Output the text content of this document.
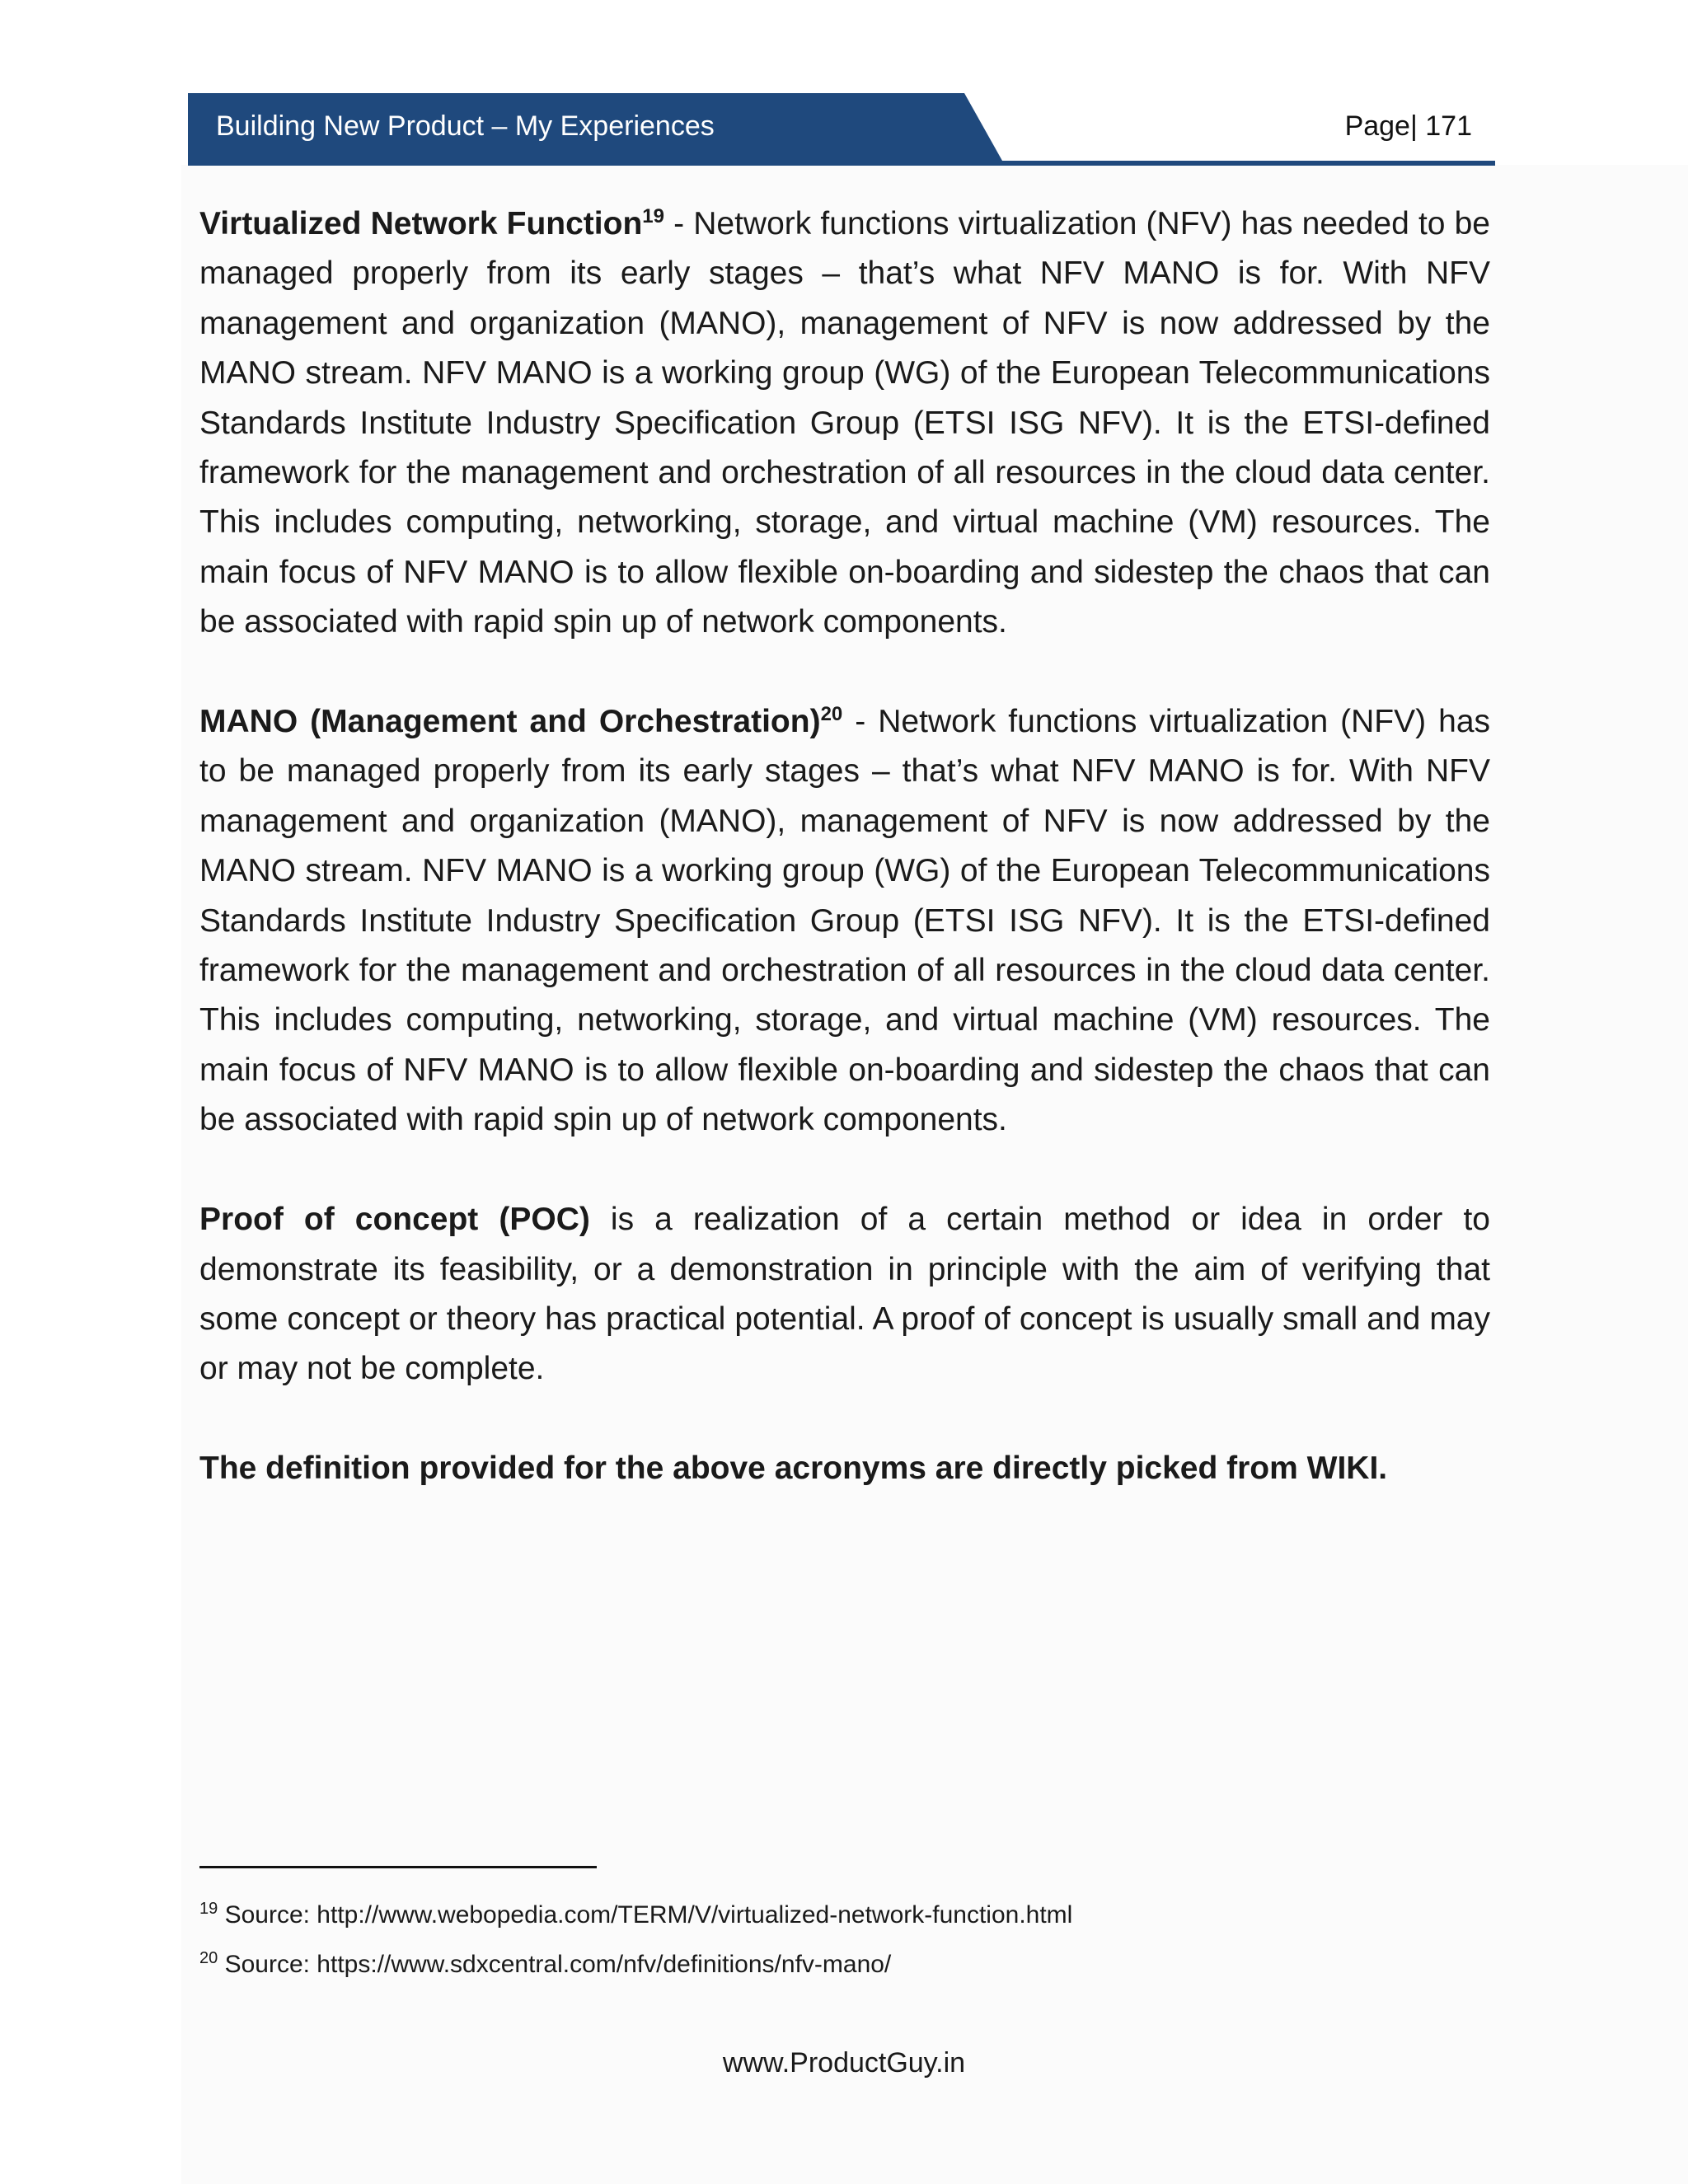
Building New Product – My Experiences	Page| 171

Virtualized Network Function$^{19}$ - Network functions virtualization (NFV) has needed to be managed properly from its early stages – that’s what NFV MANO is for. With NFV management and organization (MANO), management of NFV is now addressed by the MANO stream. NFV MANO is a working group (WG) of the European Telecommunications Standards Institute Industry Specification Group (ETSI ISG NFV). It is the ETSI-defined framework for the management and orchestration of all resources in the cloud data center. This includes computing, networking, storage, and virtual machine (VM) resources. The main focus of NFV MANO is to allow flexible on-boarding and sidestep the chaos that can be associated with rapid spin up of network components.

MANO (Management and Orchestration)$^{20}$ - Network functions virtualization (NFV) has to be managed properly from its early stages – that’s what NFV MANO is for. With NFV management and organization (MANO), management of NFV is now addressed by the MANO stream. NFV MANO is a working group (WG) of the European Telecommunications Standards Institute Industry Specification Group (ETSI ISG NFV). It is the ETSI-defined framework for the management and orchestration of all resources in the cloud data center. This includes computing, networking, storage, and virtual machine (VM) resources. The main focus of NFV MANO is to allow flexible on-boarding and sidestep the chaos that can be associated with rapid spin up of network components.

Proof of concept (POC) is a realization of a certain method or idea in order to demonstrate its feasibility, or a demonstration in principle with the aim of verifying that some concept or theory has practical potential. A proof of concept is usually small and may or may not be complete.

The definition provided for the above acronyms are directly picked from WIKI.

$^{19}$ Source: http://www.webopedia.com/TERM/V/virtualized-network-function.html
$^{20}$ Source: https://www.sdxcentral.com/nfv/definitions/nfv-mano/
www.ProductGuy.in
